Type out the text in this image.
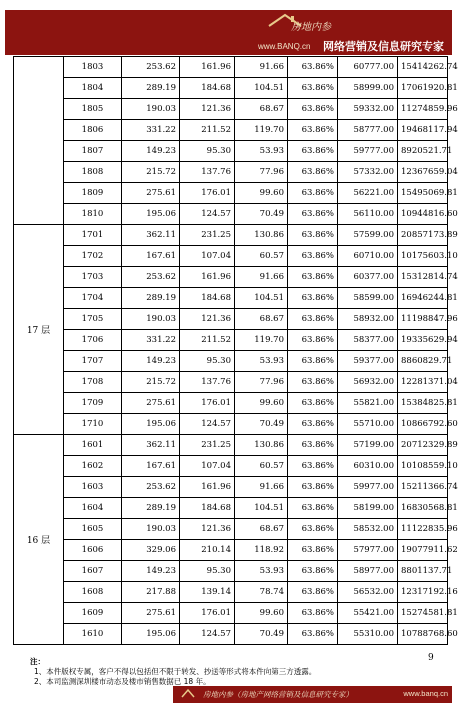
房地内参
www.BANQ.cn 网络营销及信息研究专家
	1803	253.62	161.96	91.66	63.86%	60777.00	15414262.74
	1804	289.19	184.68	104.51	63.86%	58999.00	17061920.81
	1805	190.03	121.36	68.67	63.86%	59332.00	11274859.96
	1806	331.22	211.52	119.70	63.86%	58777.00	19468117.94
	1807	149.23	95.30	53.93	63.86%	59777.00	8920521.71
	1808	215.72	137.76	77.96	63.86%	57332.00	12367659.04
	1809	275.61	176.01	99.60	63.86%	56221.00	15495069.81
	1810	195.06	124.57	70.49	63.86%	56110.00	10944816.60
17 层	1701	362.11	231.25	130.86	63.86%	57599.00	20857173.89
	1702	167.61	107.04	60.57	63.86%	60710.00	10175603.10
	1703	253.62	161.96	91.66	63.86%	60377.00	15312814.74
	1704	289.19	184.68	104.51	63.86%	58599.00	16946244.81
	1705	190.03	121.36	68.67	63.86%	58932.00	11198847.96
	1706	331.22	211.52	119.70	63.86%	58377.00	19335629.94
	1707	149.23	95.30	53.93	63.86%	59377.00	8860829.71
	1708	215.72	137.76	77.96	63.86%	56932.00	12281371.04
	1709	275.61	176.01	99.60	63.86%	55821.00	15384825.81
	1710	195.06	124.57	70.49	63.86%	55710.00	10866792.60
16 层	1601	362.11	231.25	130.86	63.86%	57199.00	20712329.89
	1602	167.61	107.04	60.57	63.86%	60310.00	10108559.10
	1603	253.62	161.96	91.66	63.86%	59977.00	15211366.74
	1604	289.19	184.68	104.51	63.86%	58199.00	16830568.81
	1605	190.03	121.36	68.67	63.86%	58532.00	11122835.96
	1606	329.06	210.14	118.92	63.86%	57977.00	19077911.62
	1607	149.23	95.30	53.93	63.86%	58977.00	8801137.71
	1608	217.88	139.14	78.74	63.86%	56532.00	12317192.16
	1609	275.61	176.01	99.60	63.86%	55421.00	15274581.81
	1610	195.06	124.57	70.49	63.86%	55310.00	10788768.60
注：
1、本件版权专属，客户不得以包括但不限于转发、抄送等形式将本件向第三方透露。
2、本司监测深圳楼市动态及楼市销售数据已 18 年。
9
房地内参（房地产网络营销及信息研究专家）	www.banq.cn
